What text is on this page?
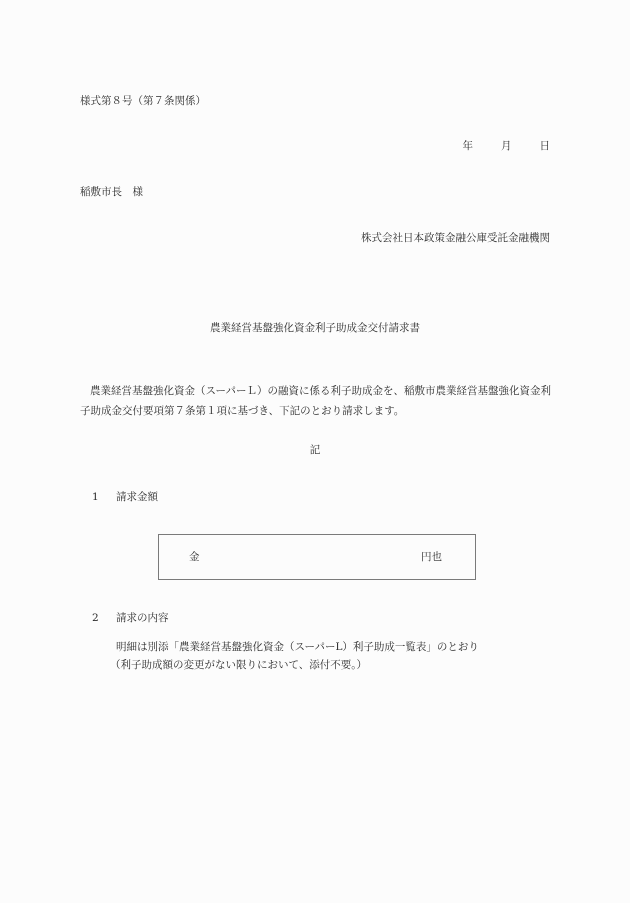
様式第８号（第７条関係）
年	月	日
稲敷市長　様
株式会社日本政策金融公庫受託金融機関
農業経営基盤強化資金利子助成金交付請求書
農業経営基盤強化資金（スーパーＬ）の融資に係る利子助成金を、稲敷市農業経営基盤強化資金利子助成金交付要項第７条第１項に基づき、下記のとおり請求します。
記
1 請求金額
金	円也
2 請求の内容
明細は別添「農業経営基盤強化資金（スーパーL）利子助成一覧表」のとおり
（利子助成額の変更がない限りにおいて、添付不要。）
